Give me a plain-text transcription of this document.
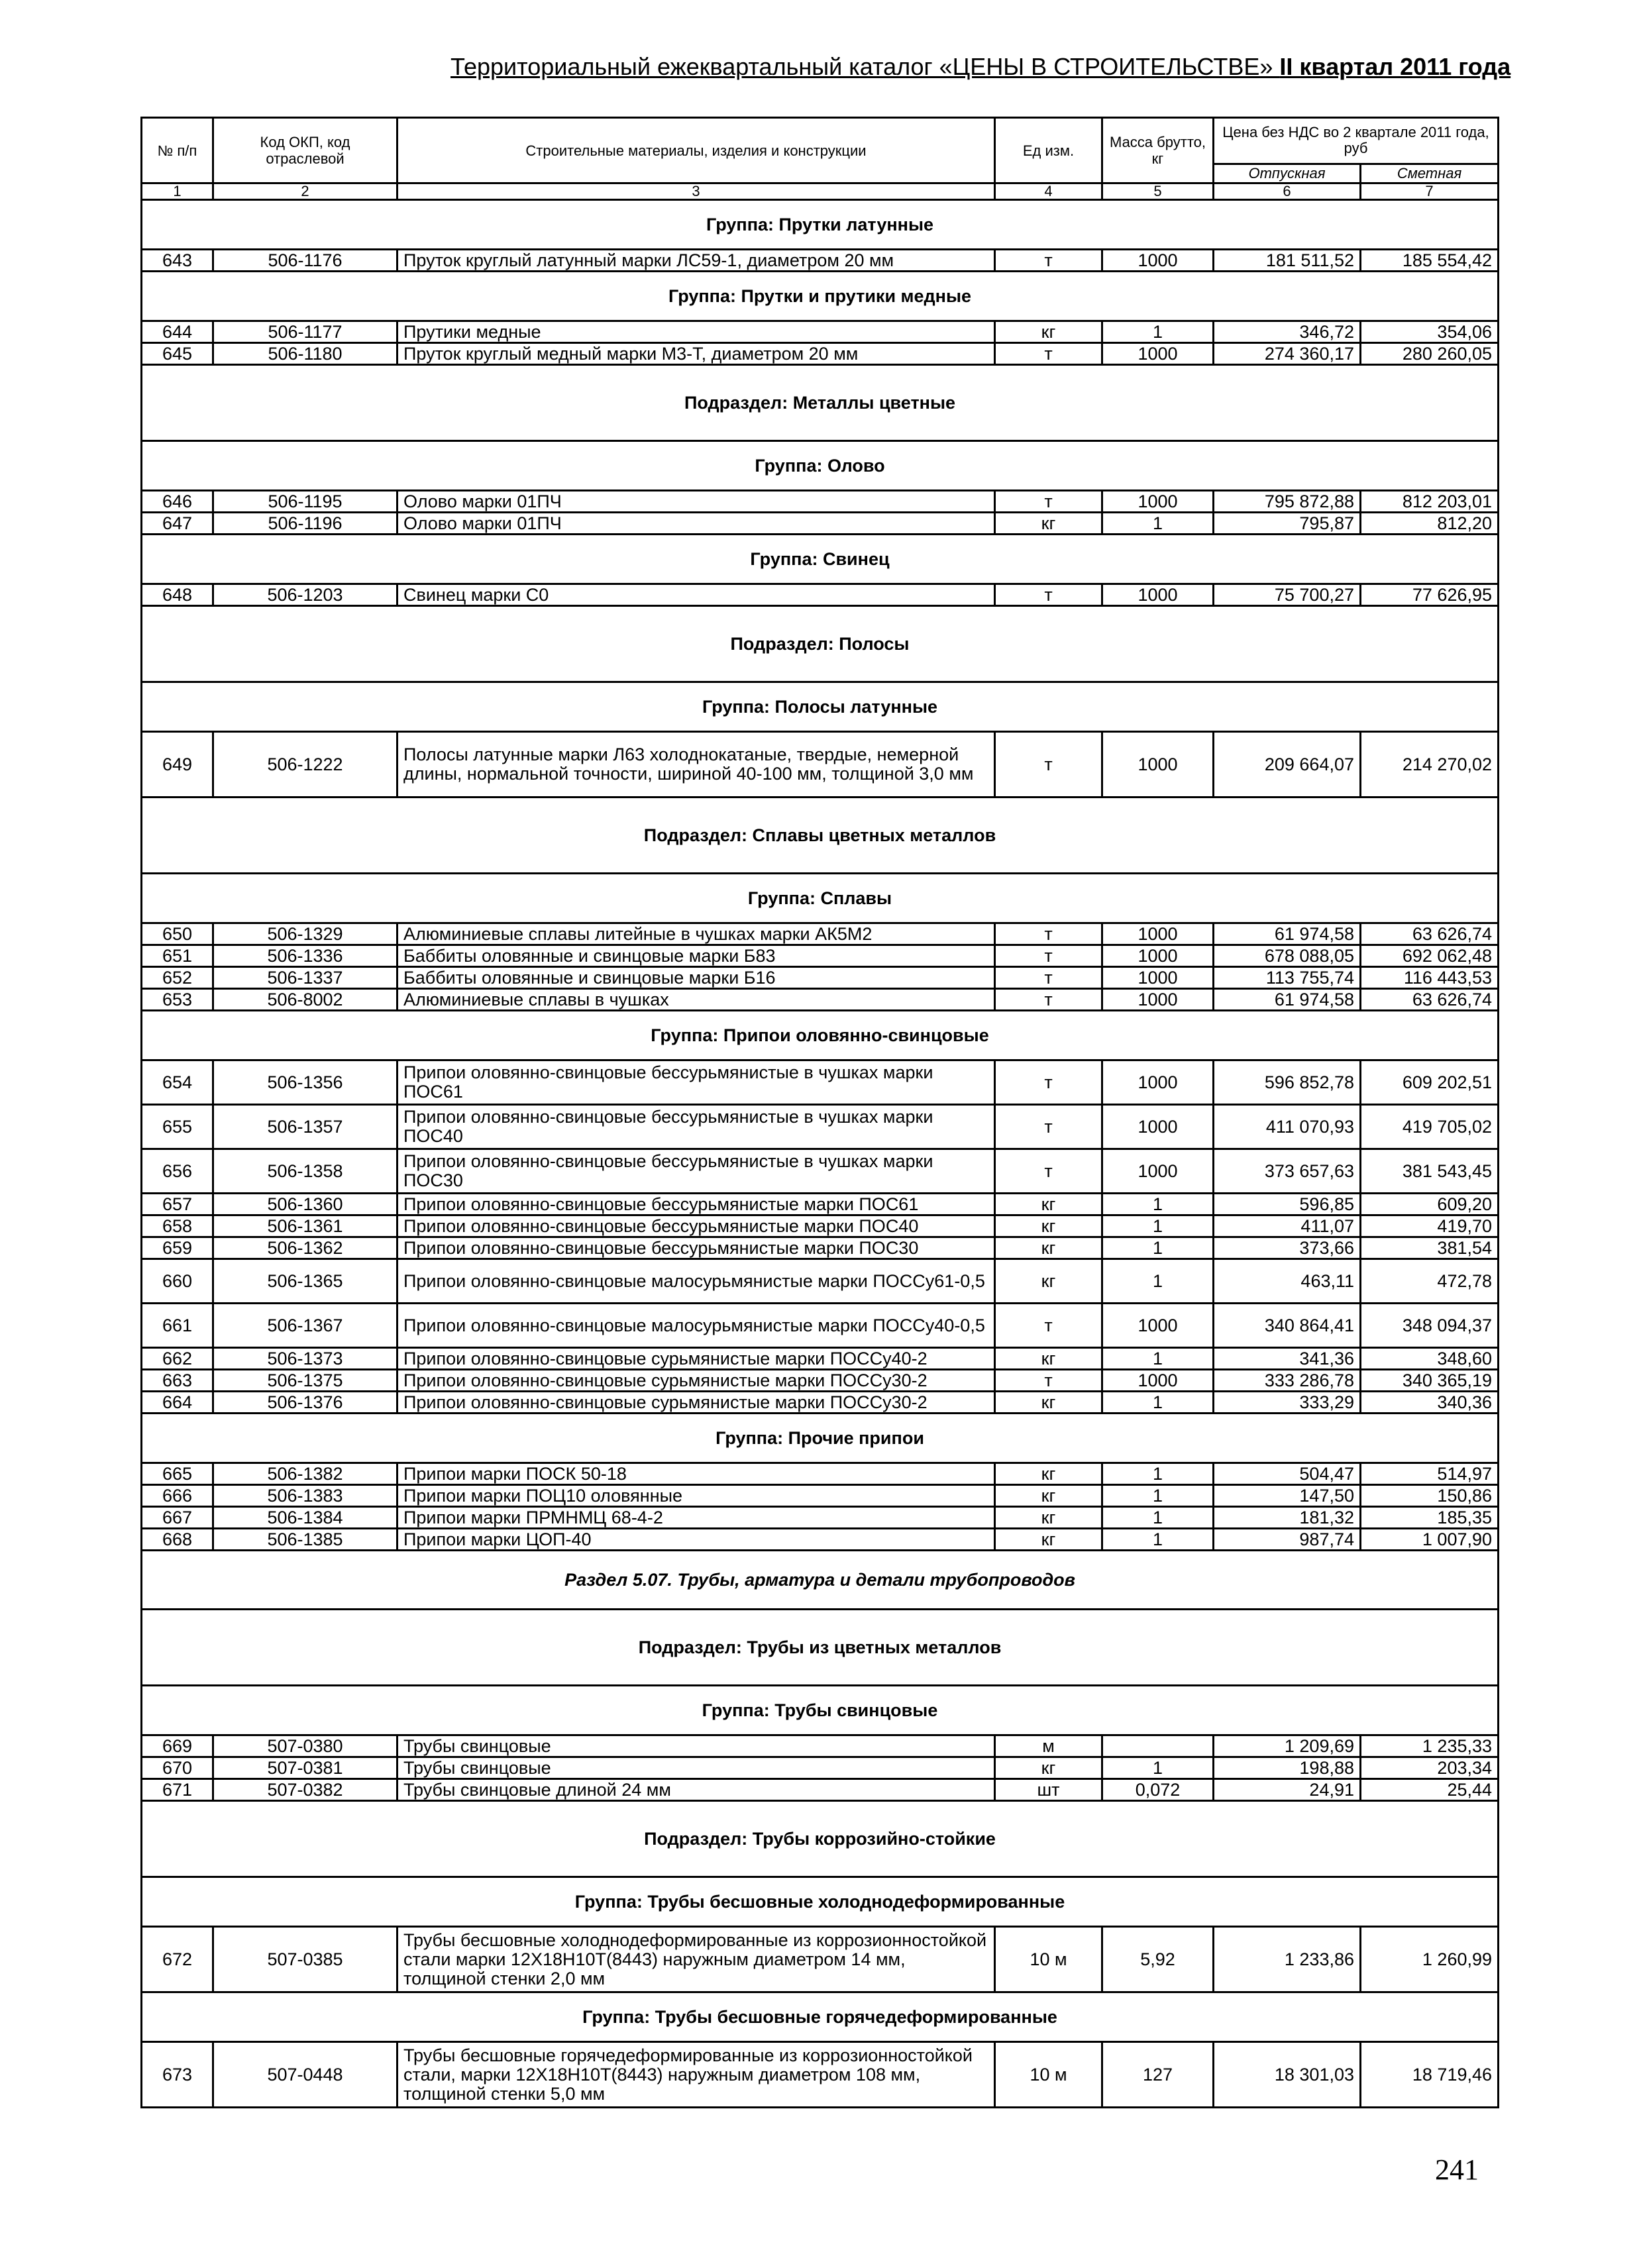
Территориальный ежеквартальный каталог «ЦЕНЫ В СТРОИТЕЛЬСТВЕ» II квартал 2011 года
№ п/п	Код ОКП, код отраслевой	Строительные материалы, изделия и конструкции	Ед изм.	Масса брутто, кг	Цена без НДС во 2 квартале 2011 года, руб	
					Отпускная	Сметная
1	2	3	4	5	6	7
Группа: Прутки латунные						
643	506-1176	Пруток круглый латунный марки ЛС59-1, диаметром 20 мм	т	1000	181 511,52	185 554,42
Группа: Прутки и прутики медные						
644	506-1177	Прутики медные	кг	1	346,72	354,06
645	506-1180	Пруток круглый медный марки М3-Т, диаметром 20 мм	т	1000	274 360,17	280 260,05
Подраздел: Металлы цветные						
Группа: Олово						
646	506-1195	Олово марки 01ПЧ	т	1000	795 872,88	812 203,01
647	506-1196	Олово марки 01ПЧ	кг	1	795,87	812,20
Группа: Свинец						
648	506-1203	Свинец марки С0	т	1000	75 700,27	77 626,95
Подраздел: Полосы						
Группа: Полосы латунные						
649	506-1222	Полосы латунные марки Л63 холоднокатаные, твердые, немерной длины, нормальной точности, шириной 40-100 мм, толщиной 3,0 мм	т	1000	209 664,07	214 270,02
Подраздел: Сплавы цветных металлов						
Группа: Сплавы						
650	506-1329	Алюминиевые сплавы литейные в чушках марки АК5М2	т	1000	61 974,58	63 626,74
651	506-1336	Баббиты оловянные и свинцовые марки Б83	т	1000	678 088,05	692 062,48
652	506-1337	Баббиты оловянные и свинцовые марки Б16	т	1000	113 755,74	116 443,53
653	506-8002	Алюминиевые сплавы в чушках	т	1000	61 974,58	63 626,74
Группа: Припои оловянно-свинцовые						
654	506-1356	Припои оловянно-свинцовые бессурьмянистые в чушках марки ПОС61	т	1000	596 852,78	609 202,51
655	506-1357	Припои оловянно-свинцовые бессурьмянистые в чушках марки ПОС40	т	1000	411 070,93	419 705,02
656	506-1358	Припои оловянно-свинцовые бессурьмянистые в чушках марки ПОС30	т	1000	373 657,63	381 543,45
657	506-1360	Припои оловянно-свинцовые бессурьмянистые марки ПОС61	кг	1	596,85	609,20
658	506-1361	Припои оловянно-свинцовые бессурьмянистые марки ПОС40	кг	1	411,07	419,70
659	506-1362	Припои оловянно-свинцовые бессурьмянистые марки ПОС30	кг	1	373,66	381,54
660	506-1365	Припои оловянно-свинцовые малосурьмянистые марки ПОССу61-0,5	кг	1	463,11	472,78
661	506-1367	Припои оловянно-свинцовые малосурьмянистые марки ПОССу40-0,5	т	1000	340 864,41	348 094,37
662	506-1373	Припои оловянно-свинцовые сурьмянистые марки ПОССу40-2	кг	1	341,36	348,60
663	506-1375	Припои оловянно-свинцовые сурьмянистые марки ПОССу30-2	т	1000	333 286,78	340 365,19
664	506-1376	Припои оловянно-свинцовые сурьмянистые марки ПОССу30-2	кг	1	333,29	340,36
Группа: Прочие припои						
665	506-1382	Припои марки ПОСК 50-18	кг	1	504,47	514,97
666	506-1383	Припои марки ПОЦ10 оловянные	кг	1	147,50	150,86
667	506-1384	Припои марки ПРМНМЦ 68-4-2	кг	1	181,32	185,35
668	506-1385	Припои марки ЦОП-40	кг	1	987,74	1 007,90
Раздел 5.07. Трубы, арматура и детали трубопроводов						
Подраздел: Трубы из цветных металлов						
Группа: Трубы свинцовые						
669	507-0380	Трубы свинцовые	м		1 209,69	1 235,33
670	507-0381	Трубы свинцовые	кг	1	198,88	203,34
671	507-0382	Трубы свинцовые длиной 24 мм	шт	0,072	24,91	25,44
Подраздел: Трубы коррозийно-стойкие						
Группа: Трубы бесшовные холоднодеформированные						
672	507-0385	Трубы бесшовные холоднодеформированные из коррозионностойкой стали марки 12Х18Н10Т(8443) наружным диаметром 14 мм, толщиной стенки 2,0 мм	10 м	5,92	1 233,86	1 260,99
Группа: Трубы бесшовные горячедеформированные						
673	507-0448	Трубы бесшовные горячедеформированные из коррозионностойкой стали, марки 12Х18Н10Т(8443) наружным диаметром 108 мм, толщиной стенки 5,0 мм	10 м	127	18 301,03	18 719,46
241
